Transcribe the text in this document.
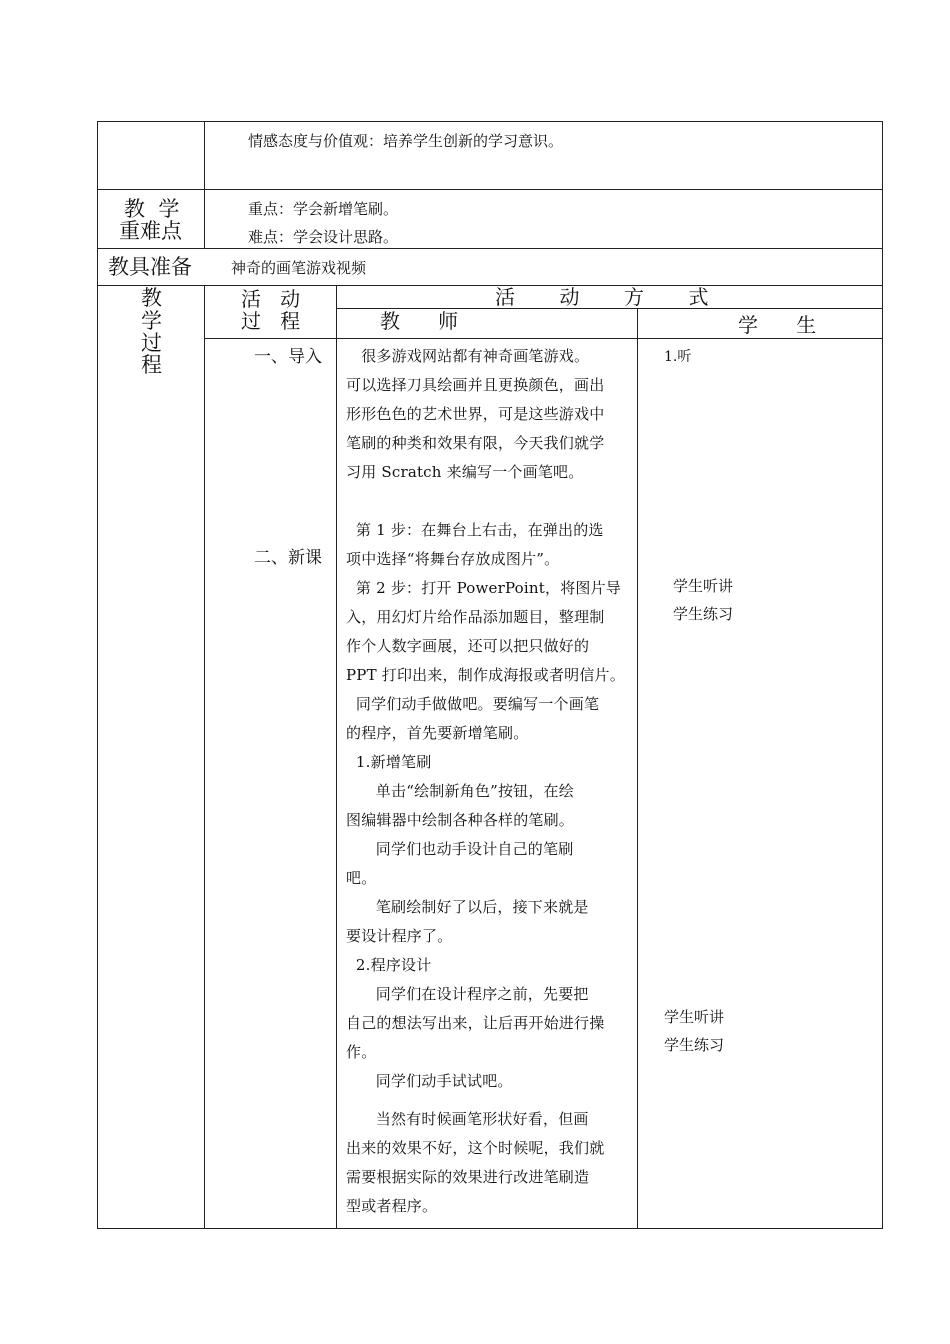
情感态度与价值观：培养学生创新的学习意识。
教  学
重难点
重点：学会新增笔刷。
难点：学会设计思路。
教具准备	神奇的画笔游戏视频
教
学
过
程
活   动
过   程
活       动       方       式
教      师	学      生
一、导入
二、新课
　很多游戏网站都有神奇画笔游戏。
可以选择刀具绘画并且更换颜色，画出
形形色色的艺术世界，可是这些游戏中
笔刷的种类和效果有限，今天我们就学
习用 Scratch 来编写一个画笔吧。
第 1 步：在舞台上右击，在弹出的选
项中选择“将舞台存放成图片”。
第 2 步：打开 PowerPoint，将图片导
入，用幻灯片给作品添加题目，整理制
作个人数字画展，还可以把只做好的
PPT 打印出来，制作成海报或者明信片。
同学们动手做做吧。要编写一个画笔
的程序，首先要新增笔刷。
1.新增笔刷
单击“绘制新角色”按钮，在绘
图编辑器中绘制各种各样的笔刷。
同学们也动手设计自己的笔刷
吧。
笔刷绘制好了以后，接下来就是
要设计程序了。
2.程序设计
同学们在设计程序之前，先要把
自己的想法写出来，让后再开始进行操
作。
同学们动手试试吧。
当然有时候画笔形状好看，但画
出来的效果不好，这个时候呢，我们就
需要根据实际的效果进行改进笔刷造
型或者程序。
1.听
学生听讲
学生练习
学生听讲
学生练习
